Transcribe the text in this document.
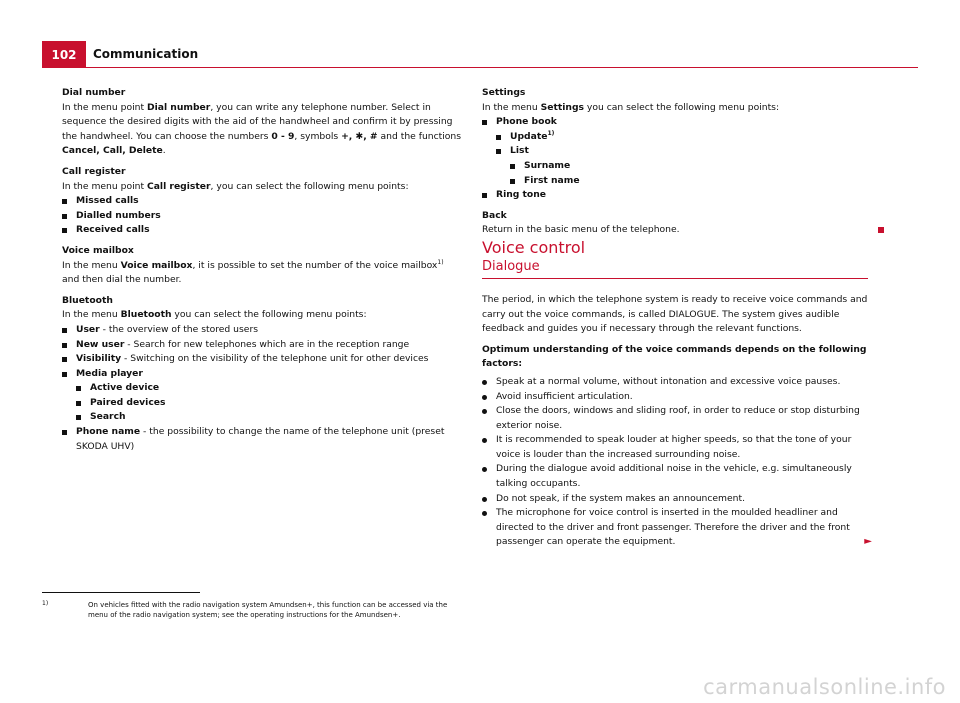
102	Communication

Dial number

In the menu point Dial number, you can write any telephone number. Select in sequence the desired digits with the aid of the handwheel and confirm it by pressing the handwheel. You can choose the numbers 0 - 9, symbols +, ✱, # and the functions Cancel, Call, Delete.

Call register

In the menu point Call register, you can select the following menu points:

Missed calls

Dialled numbers

Received calls

Voice mailbox

In the menu Voice mailbox, it is possible to set the number of the voice mailbox$^{1)}$ and then dial the number.

Bluetooth

In the menu Bluetooth you can select the following menu points:

User - the overview of the stored users

New user - Search for new telephones which are in the reception range

Visibility - Switching on the visibility of the telephone unit for other devices

Media player

Active device

Paired devices

Search

Phone name - the possibility to change the name of the telephone unit (preset SKODA UHV)

Settings

In the menu Settings you can select the following menu points:

Phone book

Update$^{1)}$

List

Surname

First name

Ring tone

Back

Return in the basic menu of the telephone.

Voice control

Dialogue

The period, in which the telephone system is ready to receive voice commands and carry out the voice commands, is called DIALOGUE. The system gives audible feedback and guides you if necessary through the relevant functions.

Optimum understanding of the voice commands depends on the following factors:

Speak at a normal volume, without intonation and excessive voice pauses.

Avoid insufficient articulation.

Close the doors, windows and sliding roof, in order to reduce or stop disturbing exterior noise.

It is recommended to speak louder at higher speeds, so that the tone of your voice is louder than the increased surrounding noise.

During the dialogue avoid additional noise in the vehicle, e.g. simultaneously talking occupants.

Do not speak, if the system makes an announcement.

The microphone for voice control is inserted in the moulded headliner and directed to the driver and front passenger. Therefore the driver and the front passenger can operate the equipment.	►

1)	On vehicles fitted with the radio navigation system Amundsen+, this function can be accessed via the menu of the radio navigation system; see the operating instructions for the Amundsen+.
carmanualsonline.info
